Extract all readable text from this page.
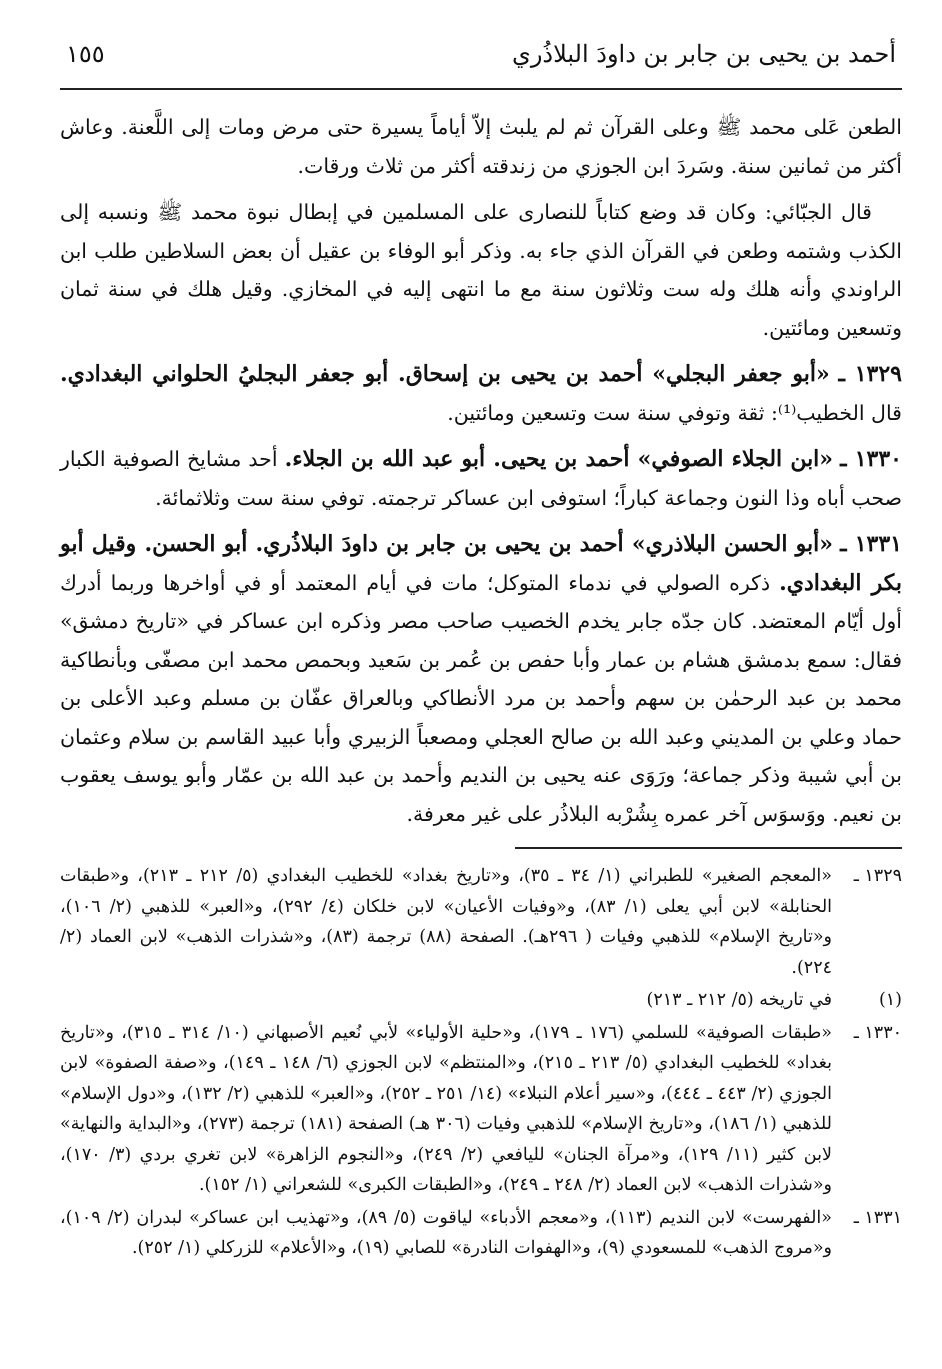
أحمد بن يحيى بن جابر بن داودَ البلاذُري
١٥٥

الطعن عَلى محمد ﷺ وعلى القرآن ثم لم يلبث إلاّ أياماً يسيرة حتى مرض ومات إلى اللَّعنة. وعاش أكثر من ثمانين سنة. وسَردَ ابن الجوزي من زندقته أكثر من ثلاث ورقات.

قال الجبّائي: وكان قد وضع كتاباً للنصارى على المسلمين في إبطال نبوة محمد ﷺ ونسبه إلى الكذب وشتمه وطعن في القرآن الذي جاء به. وذكر أبو الوفاء بن عقيل أن بعض السلاطين طلب ابن الراوندي وأنه هلك وله ست وثلاثون سنة مع ما انتهى إليه في المخازي. وقيل هلك في سنة ثمان وتسعين ومائتين.

١٣٢٩ ـ «أبو جعفر البجلي» أحمد بن يحيى بن إسحاق. أبو جعفر البجليُ الحلواني البغدادي. قال الخطيب⁽¹⁾: ثقة وتوفي سنة ست وتسعين ومائتين.

١٣٣٠ ـ «ابن الجلاء الصوفي» أحمد بن يحيى. أبو عبد الله بن الجلاء. أحد مشايخ الصوفية الكبار صحب أباه وذا النون وجماعة كباراً؛ استوفى ابن عساكر ترجمته. توفي سنة ست وثلاثمائة.

١٣٣١ ـ «أبو الحسن البلاذري» أحمد بن يحيى بن جابر بن داودَ البلاذُري. أبو الحسن. وقيل أبو بكر البغدادي. ذكره الصولي في ندماء المتوكل؛ مات في أيام المعتمد أو في أواخرها وربما أدرك أول أيّام المعتضد. كان جدّه جابر يخدم الخصيب صاحب مصر وذكره ابن عساكر في «تاريخ دمشق» فقال: سمع بدمشق هشام بن عمار وأبا حفص بن عُمر بن سَعيد وبحمص محمد ابن مصفّى وبأنطاكية محمد بن عبد الرحمٰن بن سهم وأحمد بن مرد الأنطاكي وبالعراق عفّان بن مسلم وعبد الأعلى بن حماد وعلي بن المديني وعبد الله بن صالح العجلي ومصعباً الزبيري وأبا عبيد القاسم بن سلام وعثمان بن أبي شيبة وذكر جماعة؛ ورَوَى عنه يحيى بن النديم وأحمد بن عبد الله بن عمّار وأبو يوسف يعقوب بن نعيم. ووَسوَس آخر عمره بِشُرْبه البلاذُر على غير معرفة.

١٣٢٩ ـ
«المعجم الصغير» للطبراني (١/ ٣٤ ـ ٣٥)، و«تاريخ بغداد» للخطيب البغدادي (٥/ ٢١٢ ـ ٢١٣)، و«طبقات الحنابلة» لابن أبي يعلى (١/ ٨٣)، و«وفيات الأعيان» لابن خلكان (٤/ ٢٩٢)، و«العبر» للذهبي (٢/ ١٠٦)، و«تاريخ الإسلام» للذهبي وفيات ( ٢٩٦هـ). الصفحة (٨٨) ترجمة (٨٣)، و«شذرات الذهب» لابن العماد (٢/ ٢٢٤).
(١)
في تاريخه (٥/ ٢١٢ ـ ٢١٣)
١٣٣٠ ـ
«طبقات الصوفية» للسلمي (١٧٦ ـ ١٧٩)، و«حلية الأولياء» لأبي نُعيم الأصبهاني (١٠/ ٣١٤ ـ ٣١٥)، و«تاريخ بغداد» للخطيب البغدادي (٥/ ٢١٣ ـ ٢١٥)، و«المنتظم» لابن الجوزي (٦/ ١٤٨ ـ ١٤٩)، و«صفة الصفوة» لابن الجوزي (٢/ ٤٤٣ ـ ٤٤٤)، و«سير أعلام النبلاء» (١٤/ ٢٥١ ـ ٢٥٢)، و«العبر» للذهبي (٢/ ١٣٢)، و«دول الإسلام» للذهبي (١/ ١٨٦)، و«تاريخ الإسلام» للذهبي وفيات (٣٠٦ هـ) الصفحة (١٨١) ترجمة (٢٧٣)، و«البداية والنهاية» لابن كثير (١١/ ١٢٩)، و«مرآة الجنان» لليافعي (٢/ ٢٤٩)، و«النجوم الزاهرة» لابن تغري بردي (٣/ ١٧٠)، و«شذرات الذهب» لابن العماد (٢/ ٢٤٨ ـ ٢٤٩)، و«الطبقات الكبرى» للشعراني (١/ ١٥٢).
١٣٣١ ـ
«الفهرست» لابن النديم (١١٣)، و«معجم الأدباء» لياقوت (٥/ ٨٩)، و«تهذيب ابن عساكر» لبدران (٢/ ١٠٩)، و«مروج الذهب» للمسعودي (٩)، و«الهفوات النادرة» للصابي (١٩)، و«الأعلام» للزركلي (١/ ٢٥٢).
